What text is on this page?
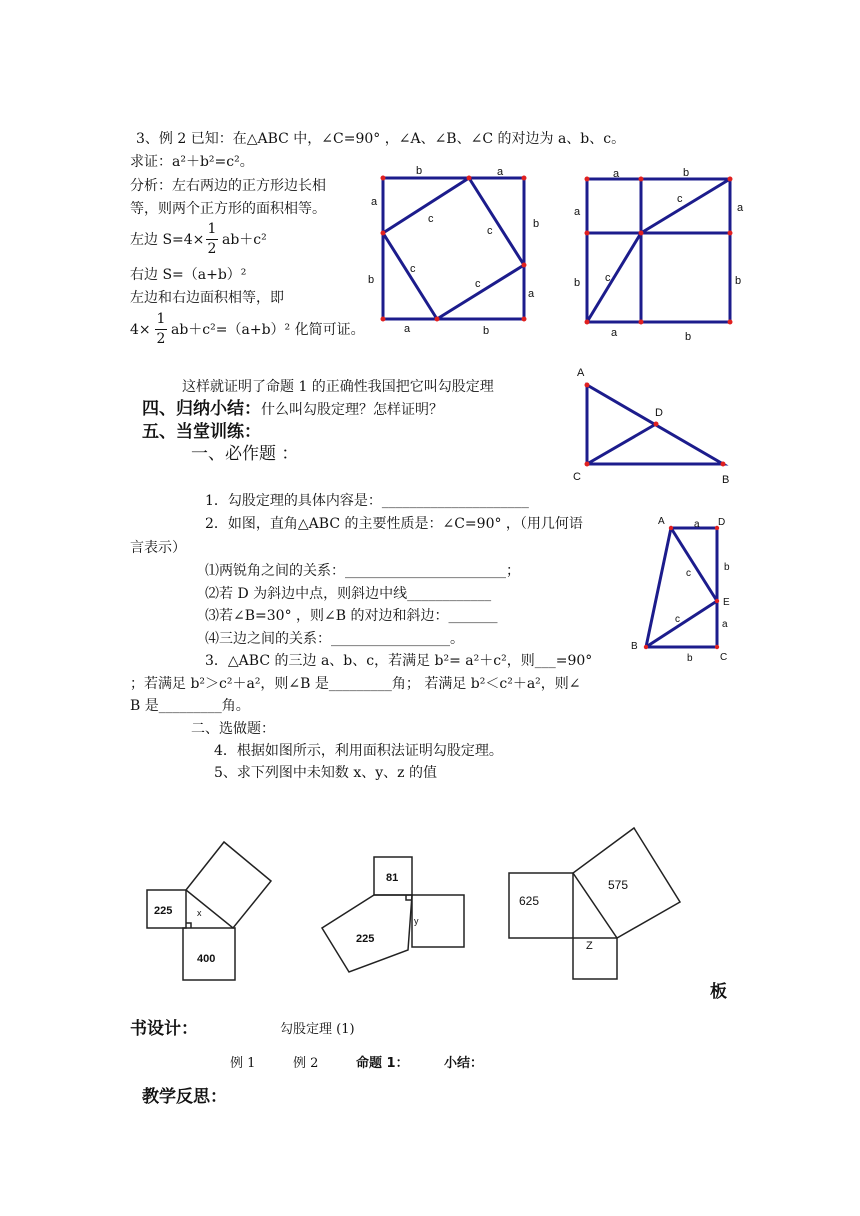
3、例 2 已知：在△ABC 中，∠C=90° ，∠A、∠B、∠C 的对边为 a、b、c。
求证：a²＋b²=c²。
分析：左右两边的正方形边长相
等，则两个正方形的面积相等。
左边 S=4×
1
2
ab＋c²
右边 S=（a+b）²
左边和右边面积相等，即
4×
1
2
ab＋c²=（a+b）² 化简可证。
b	a
a
c
c
b
c
c
b
a
a	b
a	b
a
c
a
c
b	b
a	b
A
D
C	B
A	a D
c
b
E
c	a
B
b	C
225
400
x
81
225
y
625
575
Z
这样就证明了命题 1 的正确性我国把它叫勾股定理
四、归纳小结：什么叫勾股定理？怎样证明？
五、当堂训练：
一、必作题 ：
1．勾股定理的具体内容是：_____________________
2．如图，直角△ABC 的主要性质是：∠C=90° ，（用几何语
言表示）
⑴两锐角之间的关系：_______________________；
⑵若 D 为斜边中点，则斜边中线____________
⑶若∠B=30° ，则∠B 的对边和斜边：_______
⑷三边之间的关系：_________________。
3．△ABC 的三边 a、b、c，若满足 b²= a²＋c²，则___=90°
；若满足 b²＞c²＋a²，则∠B 是_________角； 若满足 b²＜c²＋a²，则∠
B 是_________角。
二、选做题：
4．根据如图所示，利用面积法证明勾股定理。
5、求下列图中未知数 x、y、z 的值
板
书设计：	勾股定理 (1)
例 1	例 2	命题 1：	小结：
教学反思：
